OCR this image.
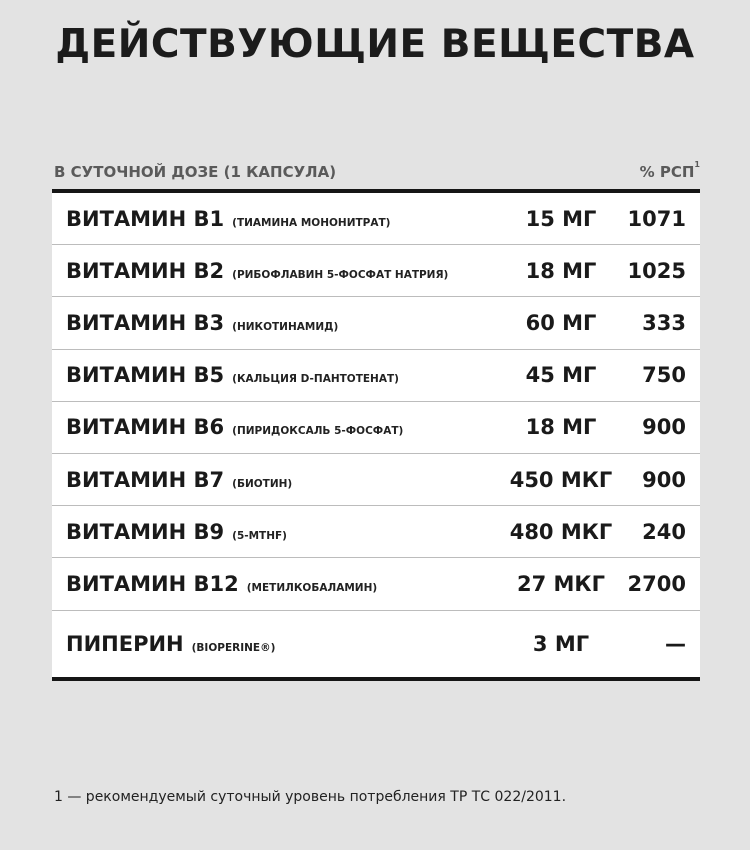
ДЕЙСТВУЮЩИЕ ВЕЩЕСТВА
В СУТОЧНОЙ ДОЗЕ (1 КАПСУЛА)	% РСП$^1$
ВИТАМИН В1 (ТИАМИНА МОНОНИТРАТ)	15 МГ	1071
ВИТАМИН В2 (РИБОФЛАВИН 5-ФОСФАТ НАТРИЯ)	18 МГ	1025
ВИТАМИН В3 (НИКОТИНАМИД)	60 МГ	333
ВИТАМИН В5 (КАЛЬЦИЯ D-ПАНТОТЕНАТ)	45 МГ	750
ВИТАМИН В6 (ПИРИДОКСАЛЬ 5-ФОСФАТ)	18 МГ	900
ВИТАМИН В7 (БИОТИН)	450 МКГ	900
ВИТАМИН В9 (5-MTHF)	480 МКГ	240
ВИТАМИН В12 (МЕТИЛКОБАЛАМИН)	27 МКГ	2700
ПИПЕРИН (BIOPERINE®)	3 МГ	—
1 — рекомендуемый суточный уровень потребления ТР ТС 022/2011.
